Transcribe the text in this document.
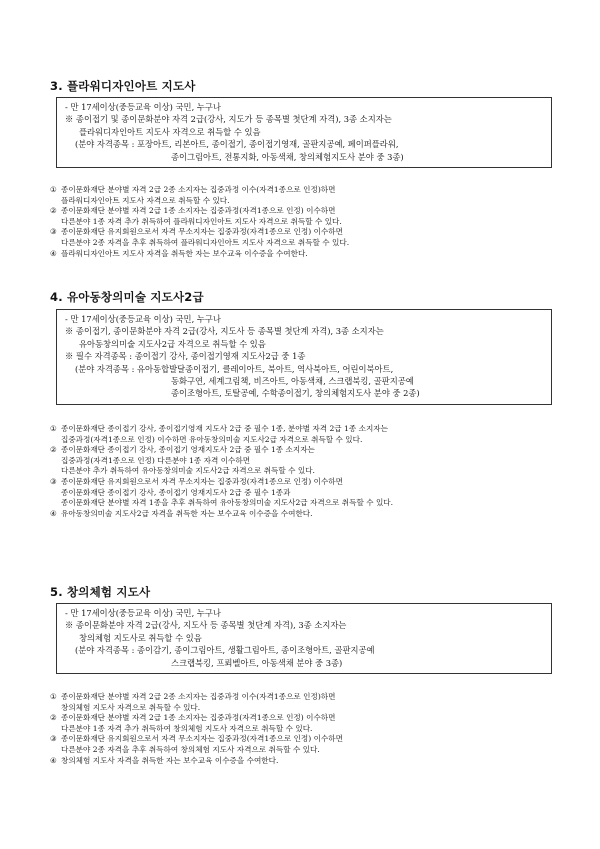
3. 플라워디자인아트 지도사
- 만 17세이상(중등교육 이상) 국민, 누구나
※ 종이접기 및 종이문화분야 자격 2급(강사, 지도가 등 종목별 첫단계 자격), 3종 소지자는
플라워디자인아트 지도사 자격으로 취득할 수 있음
(분야 자격종목 : 포장아트, 리본아트, 종이접기, 종이접기영재, 골판지공예, 페이퍼플라워,
종이그림아트, 전통지화, 아동색채, 창의체험지도사 분야 중 3종)
① 종이문화재단 분야별 자격 2급 2종 소지자는 집중과정 이수(자격1종으로 인정)하면
플라워디자인아트 지도사 자격으로 취득할 수 있다.
② 종이문화재단 분야별 자격 2급 1종 소지자는 집중과정(자격1종으로 인정) 이수하면
다른분야 1종 자격 추가 취득하여 플라워디자인아트 지도사 자격으로 취득할 수 있다.
③ 종이문화재단 유지회원으로서 자격 무소지자는 집중과정(자격1종으로 인정) 이수하면
다른분야 2종 자격을 추후 취득하여 플라워디자인아트 지도사 자격으로 취득할 수 있다.
④ 플라워디자인아트 지도사 자격을 취득한 자는 보수교육 이수증을 수여한다.
4. 유아동창의미술 지도사2급
- 만 17세이상(중등교육 이상) 국민, 누구나
※ 종이접기, 종이문화분야 자격 2급(강사, 지도사 등 종목별 첫단계 자격), 3종 소지자는
유아동창의미술 지도사2급 자격으로 취득할 수 있음
※ 필수 자격종목 : 종이접기 강사, 종이접기영재 지도사2급 중 1종
(분야 자격종목 : 유아동합발달종이접기, 클레이아트, 북아트, 역사북아트, 어린이북아트,
동화구연, 세계그림책, 비즈아트, 아동색채, 스크랩북킹, 골판지공예
종이조형아트, 토탈공예, 수학종이접기, 창의체험지도사 분야 중 2종)
① 종이문화재단 종이접기 강사, 종이접기영재 지도사 2급 중 필수 1종, 분야별 자격 2급 1종 소지자는
집중과정(자격1종으로 인정) 이수하면 유아동창의미술 지도사2급 자격으로 취득할 수 있다.
② 종이문화재단 종이접기 강사, 종이접기 영재지도사 2급 중 필수 1종 소지자는
집중과정(자격1종으로 인정) 다른분야 1종 자격 이수하면
다른분야 추가 취득하여 유아동창의미술 지도사2급 자격으로 취득할 수 있다.
③ 종이문화재단 유지회원으로서 자격 무소지자는 집중과정(자격1종으로 인정) 이수하면
종이문화재단 종이접기 강사, 종이접기 영재지도사 2급 중 필수 1종과
종이문화재단 분야별 자격 1종을 추후 취득하여 유아동창의미술 지도사2급 자격으로 취득할 수 있다.
④ 유아동창의미술 지도사2급 자격을 취득한 자는 보수교육 이수증을 수여한다.
5. 창의체험 지도사
- 만 17세이상(중등교육 이상) 국민, 누구나
※ 종이문화분야 자격 2급(강사, 지도사 등 종목별 첫단계 자격), 3종 소지자는
창의체험 지도사로 취득할 수 있음
(분야 자격종목 : 종이감기, 종이그림아트, 생활그림아트, 종이조형아트, 골판지공예
스크랩북킹, 프뢰벨아트, 아동색채 분야 중 3종)
① 종이문화재단 분야별 자격 2급 2종 소지자는 집중과정 이수(자격1종으로 인정)하면
창의체험 지도사 자격으로 취득할 수 있다.
② 종이문화재단 분야별 자격 2급 1종 소지자는 집중과정(자격1종으로 인정) 이수하면
다른분야 1종 자격 추가 취득하여 창의체험 지도사 자격으로 취득할 수 있다.
③ 종이문화재단 유지회원으로서 자격 무소지자는 집중과정(자격1종으로 인정) 이수하면
다른분야 2종 자격을 추후 취득하여 창의체험 지도사 자격으로 취득할 수 있다.
④ 창의체험 지도사 자격을 취득한 자는 보수교육 이수증을 수여한다.
